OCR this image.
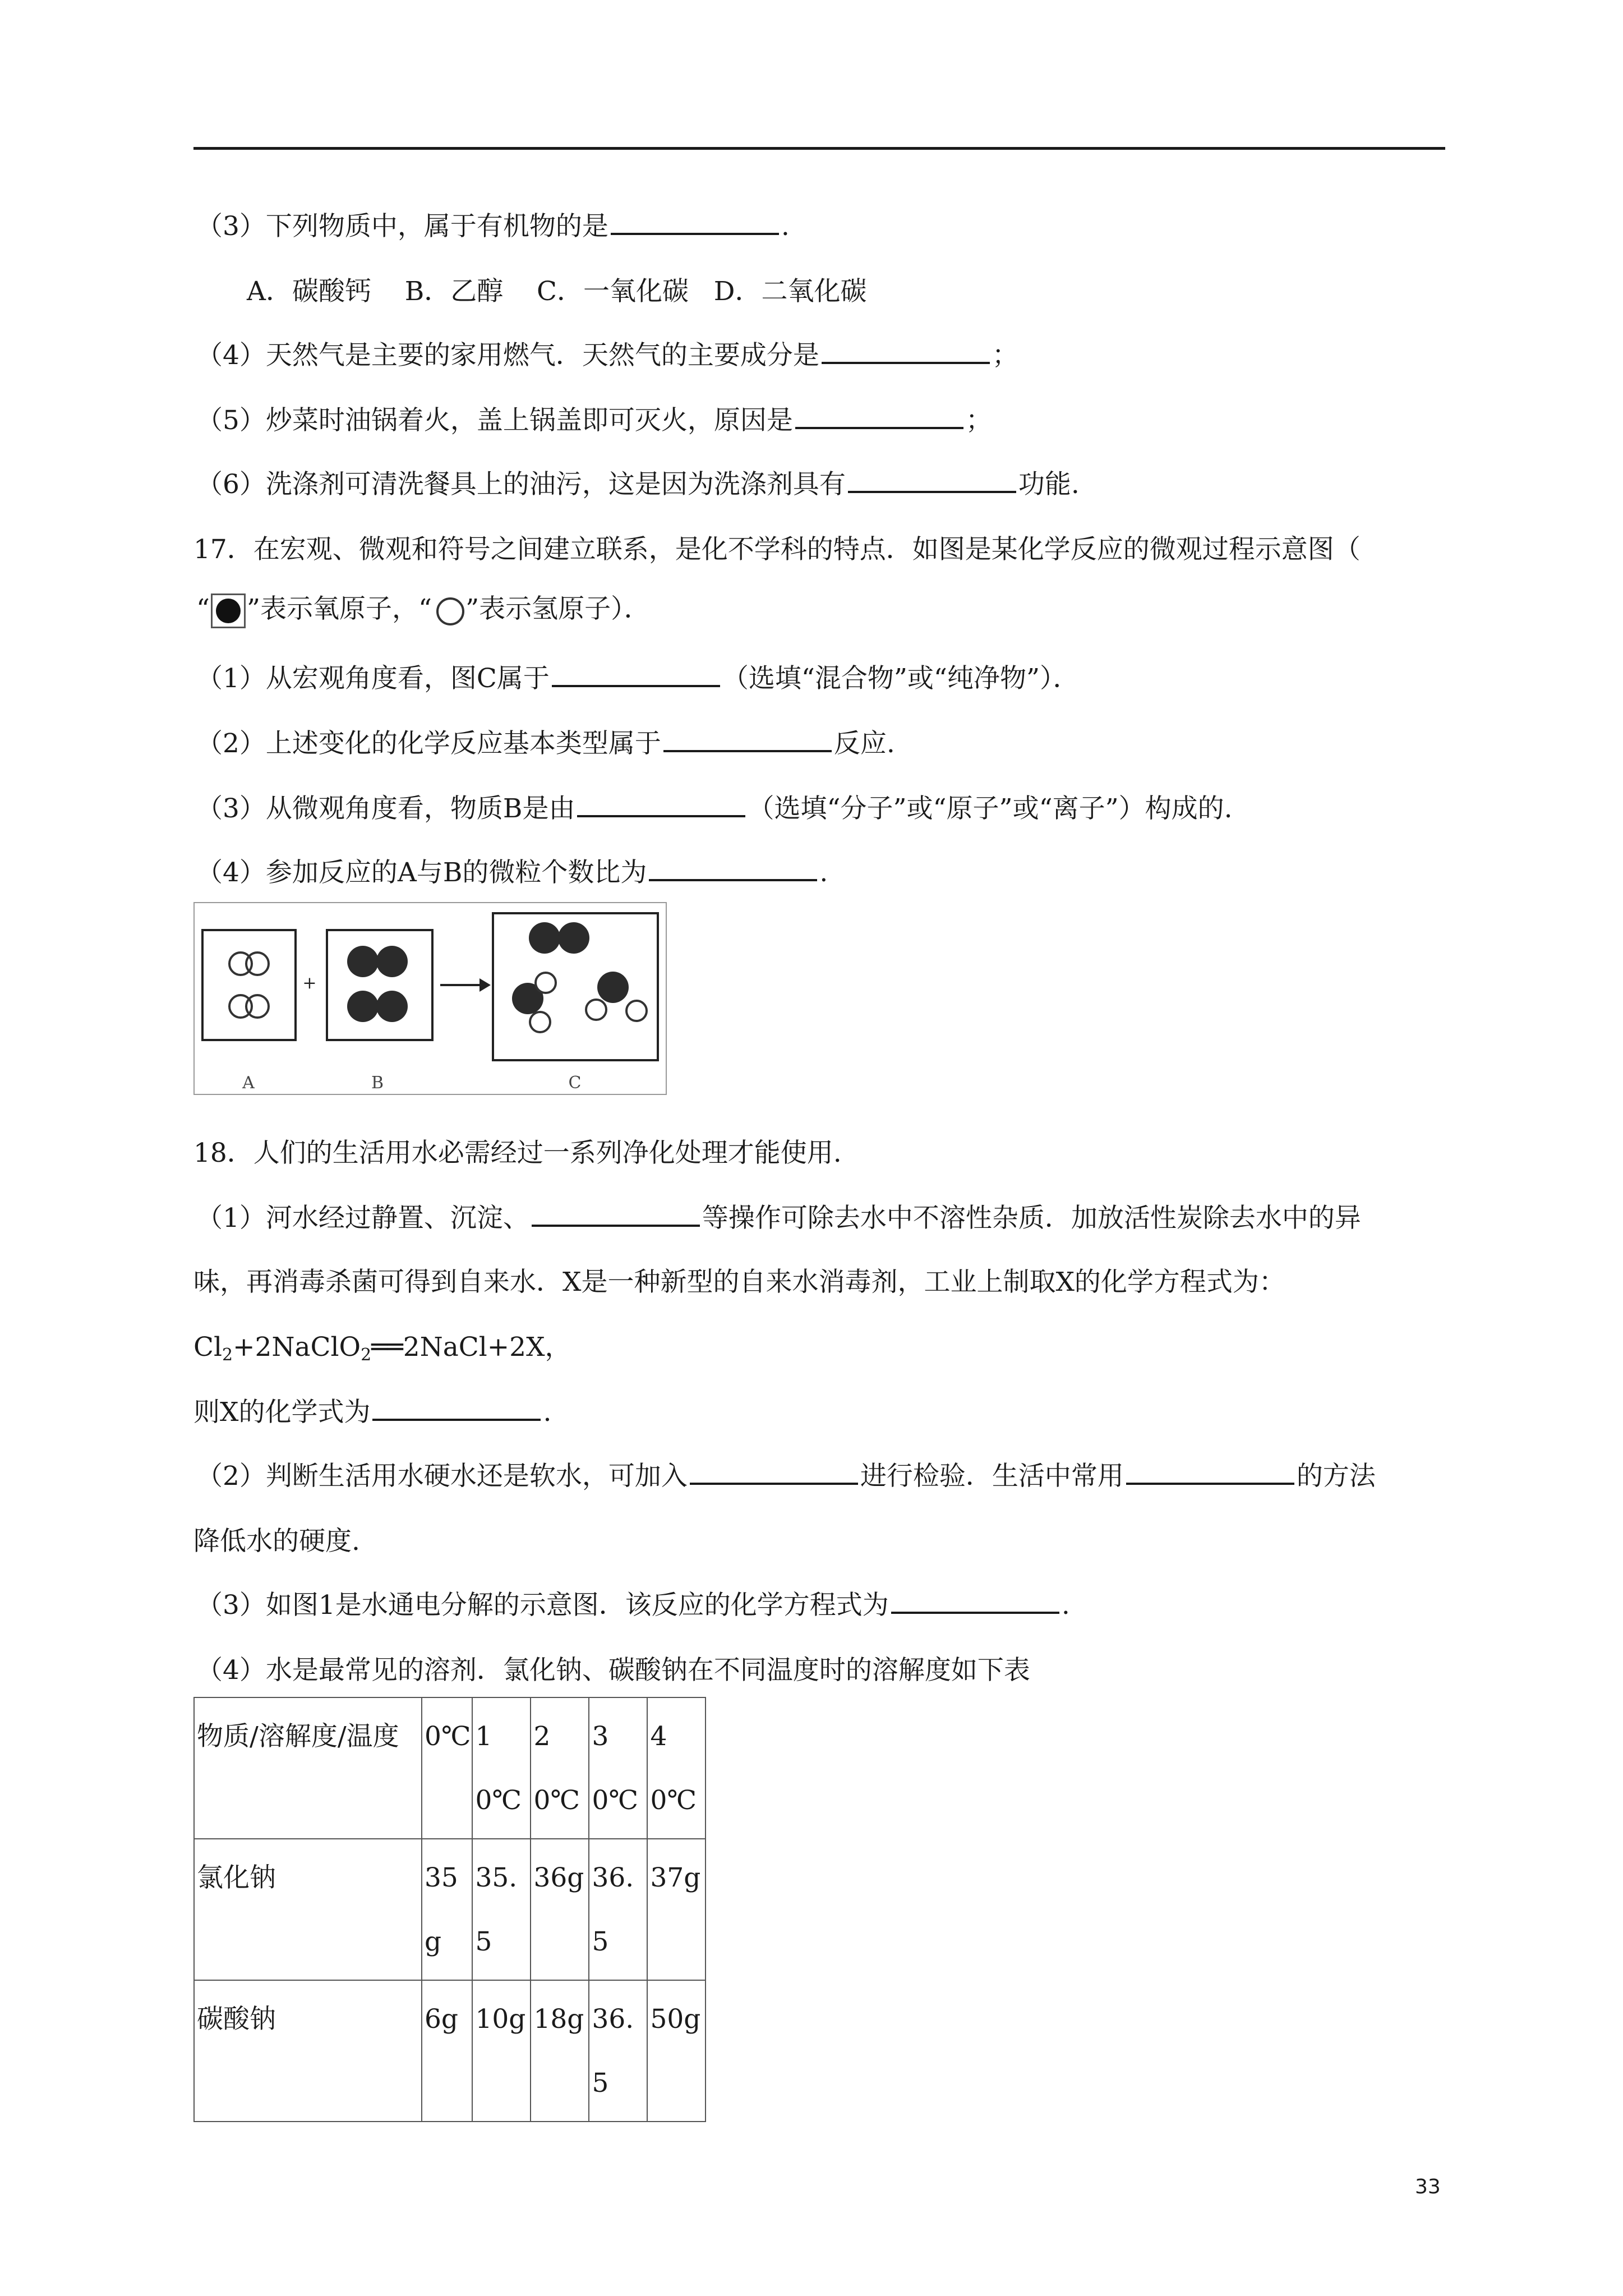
（3）下列物质中，属于有机物的是	.
A．碳酸钙    B．乙醇    C．一氧化碳   D．二氧化碳
（4）天然气是主要的家用燃气．天然气的主要成分是	；
（5）炒菜时油锅着火，盖上锅盖即可灭火，原因是	；
（6）洗涤剂可清洗餐具上的油污，这是因为洗涤剂具有	功能.
17．在宏观、微观和符号之间建立联系，是化不学科的特点．如图是某化学反应的微观过程示意图（
“ ”表示氧原子，“ ”表示氢原子）．
（1）从宏观角度看，图C属于	（选填“混合物”或“纯净物”）．
（2）上述变化的化学反应基本类型属于	反应.
（3）从微观角度看，物质B是由	（选填“分子”或“原子”或“离子”）构成的.
（4）参加反应的A与B的微粒个数比为	.
+
A	B	C
18．人们的生活用水必需经过一系列净化处理才能使用.
（1）河水经过静置、沉淀、	等操作可除去水中不溶性杂质．加放活性炭除去水中的异
味，再消毒杀菌可得到自来水．X是一种新型的自来水消毒剂，工业上制取X的化学方程式为：
$Cl_2+2NaClO_2══2NaCl+2X$，
则X的化学式为	.
（2）判断生活用水硬水还是软水，可加入	进行检验．生活中常用	的方法
降低水的硬度.
（3）如图1是水通电分解的示意图．该反应的化学方程式为	.
（4）水是最常见的溶剂．氯化钠、碳酸钠在不同温度时的溶解度如下表
物质/溶解度/温度	0℃	10℃	20℃	30℃	40℃
氯化钠	35g	35.5	36g	36.5	37g
碳酸钠	6g	10g	18g	36.5	50g
33
